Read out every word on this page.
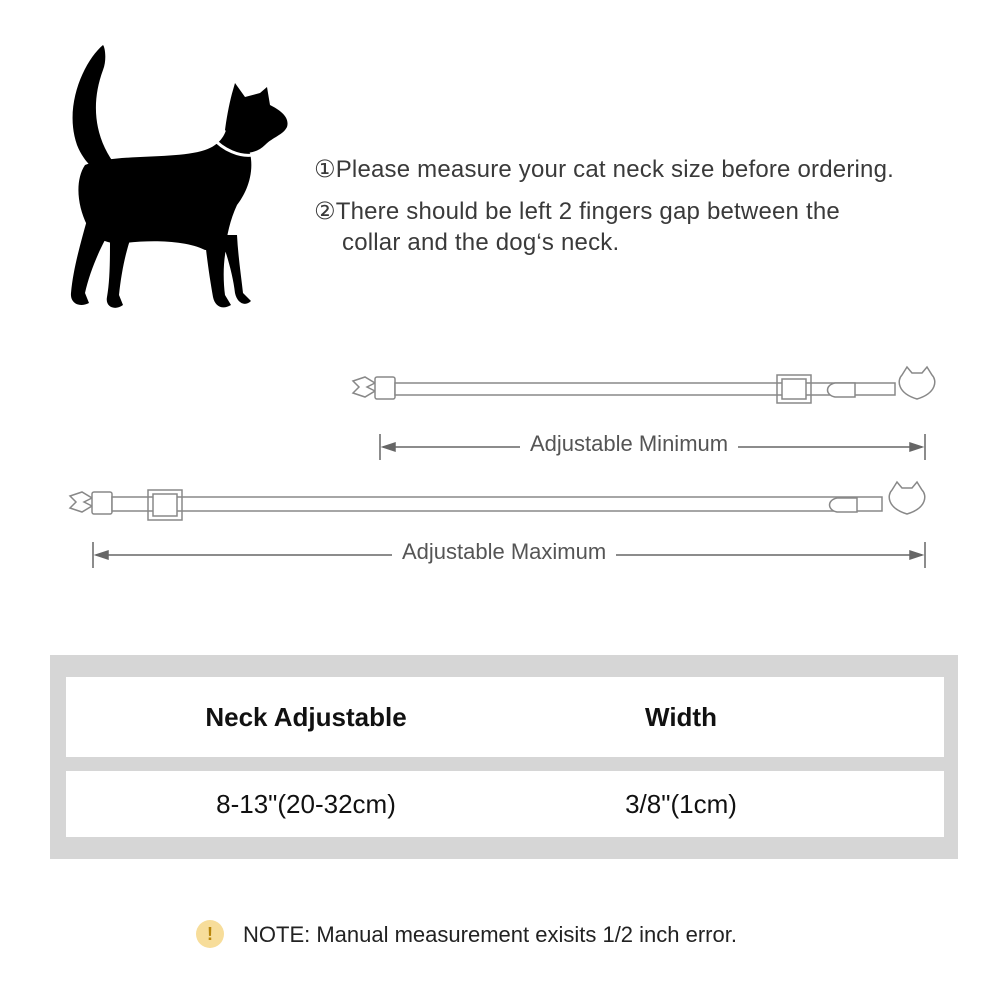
①Please measure your cat neck size before ordering.
②There should be left 2 fingers gap between the
collar and the dog‘s neck.
Adjustable Minimum
Adjustable Maximum
Neck Adjustable	Width
8-13"(20-32cm)	3/8"(1cm)
!	NOTE: Manual measurement exisits 1/2 inch error.
